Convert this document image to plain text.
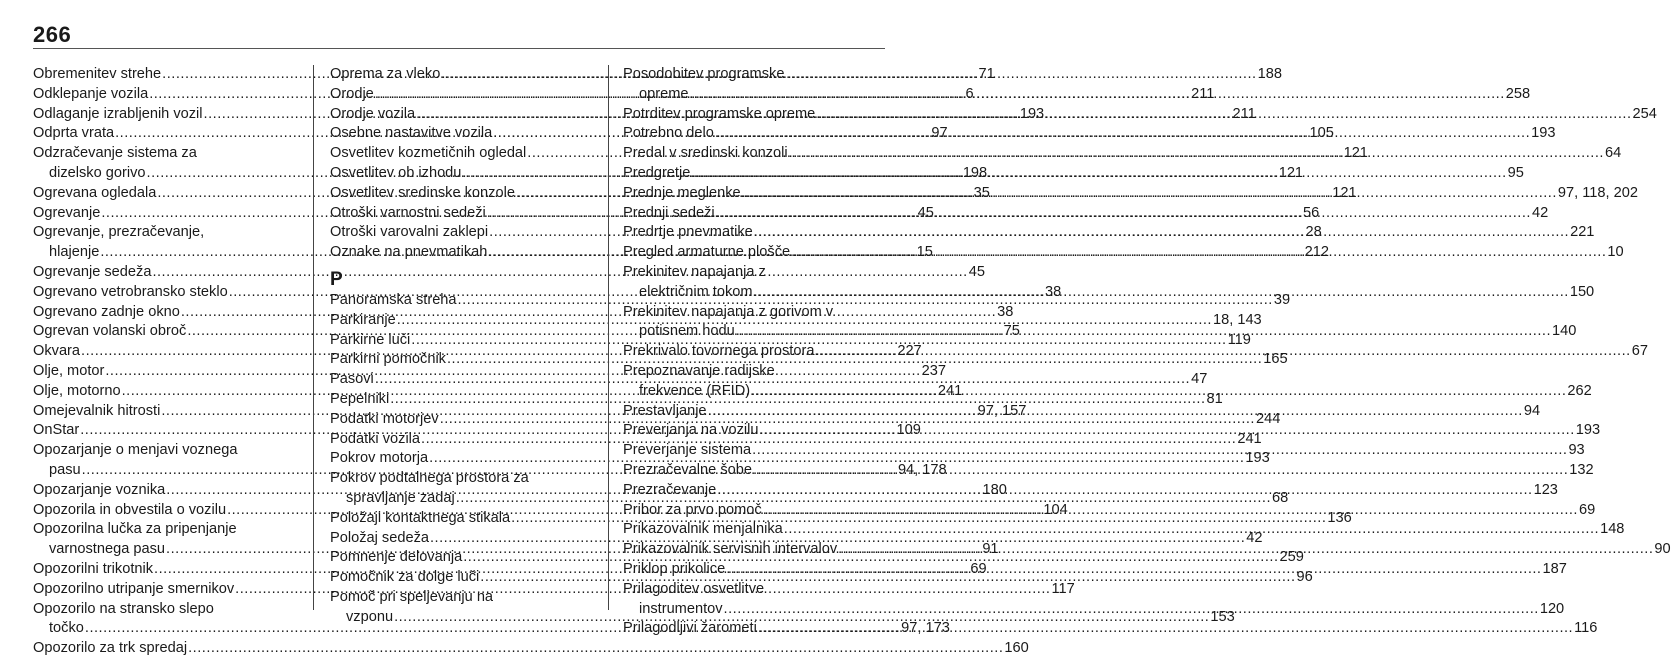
266
Obremenitev strehe .....	71
Odklepanje vozila .....	6
Odlaganje izrabljenih vozil .....	193
Odprta vrata .....	97
Odzračevanje sistema za
dizelsko gorivo .....	198
Ogrevana ogledala .....	35
Ogrevanje .....	45
Ogrevanje, prezračevanje,
hlajenje .....	15
Ogrevanje sedeža .....	45
Ogrevano vetrobransko steklo .....	38
Ogrevano zadnje okno .....	38
Ogrevan volanski obroč .....	75
Okvara .....	227
Olje, motor .....	237
Olje, motorno .....	241
Omejevalnik hitrosti .....	97, 157
OnStar .....	109
Opozarjanje o menjavi voznega
pasu .....	94, 178
Opozarjanje voznika .....	180
Opozorila in obvestila o vozilu .....	104
Opozorilna lučka za pripenjanje
varnostnega pasu .....	91
Opozorilni trikotnik .....	69
Opozorilno utripanje smernikov .....	117
Opozorilo na stransko slepo
točko .....	97, 173
Opozorilo za trk spredaj .....	160
Oprema za vleko .....	188
Orodje .....	211
Orodje vozila .....	211
Osebne nastavitve vozila .....	105
Osvetlitev kozmetičnih ogledal .....	121
Osvetlitev ob izhodu .....	121
Osvetlitev sredinske konzole .....	121
Otroški varnostni sedeži .....	56
Otroški varovalni zaklepi .....	28
Oznake na pnevmatikah .....	212
P
Panoramska streha .....	39
Parkiranje .....	18, 143
Parkirne luči .....	119
Parkirni pomočnik .....	165
Pasovi .....	47
Pepelniki .....	81
Podatki motorjev .....	244
Podatki vozila .....	241
Pokrov motorja .....	193
Pokrov podtalnega prostora za
spravljanje zadaj .....	68
Položaji kontaktnega stikala .....	136
Položaj sedeža .....	42
Pomnenje delovanja .....	259
Pomočnik za dolge luči .....	96
Pomoč pri speljevanju na
vzponu .....	153
Posodobitev programske
opreme .....	258
Potrditev programske opreme .....	254
Potrebno delo .....	193
Predal v sredinski konzoli .....	64
Predgretje .....	95
Prednje meglenke .....	97, 118, 202
Prednji sedeži .....	42
Predrtje pnevmatike .....	221
Pregled armaturne plošče .....	10
Prekinitev napajanja z
električnim tokom .....	150
Prekinitev napajanja z gorivom v
potisnem hodu .....	140
Prekrivalo tovornega prostora .....	67
Prepoznavanje radijske
frekvence (RFID) .....	262
Prestavljanje .....	94
Preverjanja na vozilu .....	193
Preverjanje sistema .....	93
Prezračevalne šobe .....	132
Prezračevanje .....	123
Pribor za prvo pomoč .....	69
Prikazovalnik menjalnika .....	148
Prikazovalnik servisnih intervalov .....	90
Priklop prikolice .....	187
Prilagoditev osvetlitve
instrumentov .....	120
Prilagodljivi žarometi .....	116
